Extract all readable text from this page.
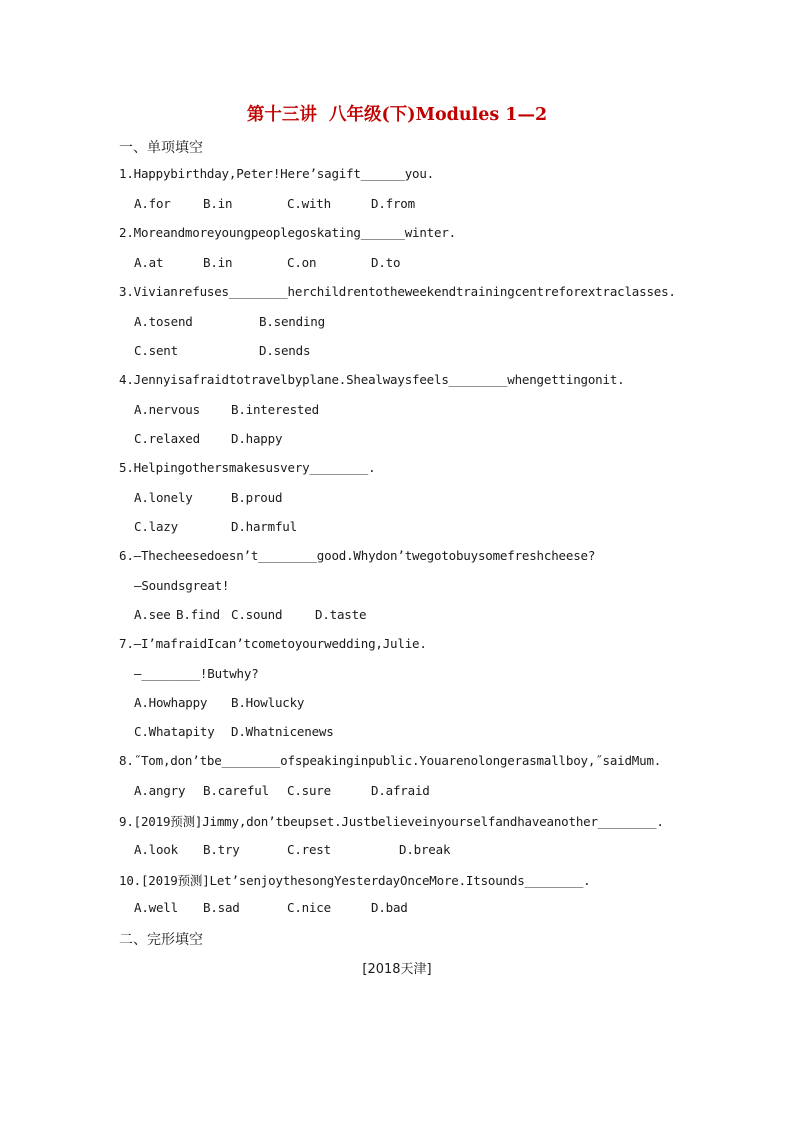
第十三讲  八年级(下)Modules 1—2
一、单项填空
1.Happybirthday,Peter!Here’sagift______you.
A.for	B.in	C.with	D.from
2.Moreandmoreyoungpeoplegoskating______winter.
A.at	B.in	C.on	D.to
3.Vivianrefuses________herchildrentotheweekendtrainingcentreforextraclasses.
A.tosend	B.sending
C.sent	D.sends
4.Jennyisafraidtotravelbyplane.Shealwaysfeels________whengettingonit.
A.nervous B.interested
C.relaxed D.happy
5.Helpingothersmakesusvery________.
A.lonely	B.proud
C.lazy	D.harmful
6.—Thecheesedoesn’t________good.Whydon’twegotobuysomefreshcheese?
—Soundsgreat!
A.see B.find C.sound	D.taste
7.—I’mafraidIcan’tcometoyourwedding,Julie.
—________!Butwhy?
A.Howhappy B.Howlucky
C.Whatapity D.Whatnicenews
8.˝Tom,don’tbe________ofspeakinginpublic.Youarenolongerasmallboy,˝saidMum.
A.angry B.careful C.sure	D.afraid
9.[2019预测]Jimmy,don’tbeupset.Justbelieveinyourselfandhaveanother________.
A.look B.try	C.rest	D.break
10.[2019预测]Let’senjoythesongYesterdayOnceMore.Itsounds________.
A.well B.sad	C.nice	D.bad
二、完形填空
[2018天津]
